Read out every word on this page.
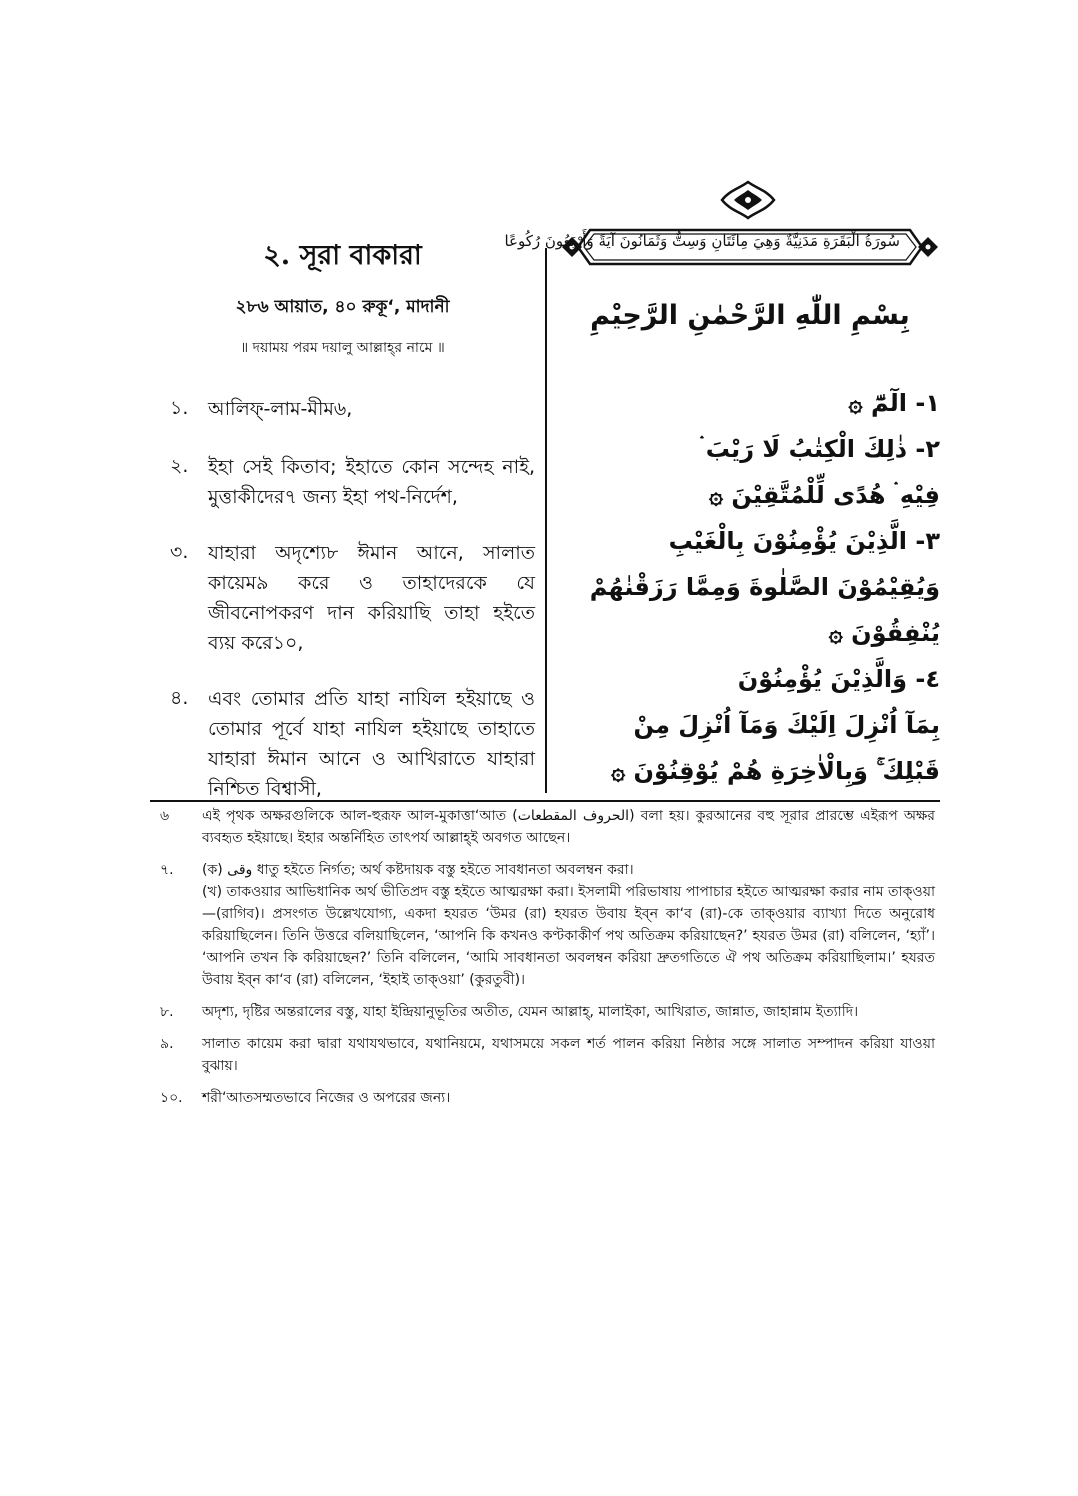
২. সূরা বাকারা
২৮৬ আয়াত, ৪০ রুকূ‘, মাদানী
॥ দয়াময় পরম দয়ালু আল্লাহ্‌র নামে ॥
১.	আলিফ্‌-লাম-মীম৬,
২.	ইহা সেই কিতাব; ইহাতে কোন সন্দেহ নাই, মুত্তাকীদের৭ জন্য ইহা পথ-নির্দেশ,
৩.	যাহারা অদৃশ্যে৮ ঈমান আনে, সালাত কায়েম৯ করে ও তাহাদেরকে যে জীবনোপকরণ দান করিয়াছি তাহা হইতে ব্যয় করে১০,
৪.	এবং তোমার প্রতি যাহা নাযিল হইয়াছে ও তোমার পূর্বে যাহা নাযিল হইয়াছে তাহাতে যাহারা ঈমান আনে ও আখিরাতে যাহারা নিশ্চিত বিশ্বাসী,
سُورَةُ الْبَقَرَةِ مَدَنِيَّةٌ وَهِيَ مِائَتَانِ وَسِتٌّ وَثَمَانُونَ آيَةً وَأَرْبَعُونَ رُكُوعًا
بِسْمِ اللّٰهِ الرَّحْمٰنِ الرَّحِيْمِ
١- الٓمّٓ ۞
٢- ذٰلِكَ الْكِتٰبُ لَا رَيْبَ ۛ
فِيْهِ ۛ هُدًى لِّلْمُتَّقِيْنَ ۞
٣- الَّذِيْنَ يُؤْمِنُوْنَ بِالْغَيْبِ
وَيُقِيْمُوْنَ الصَّلٰوةَ وَمِمَّا رَزَقْنٰهُمْ
يُنْفِقُوْنَ ۞
٤- وَالَّذِيْنَ يُؤْمِنُوْنَ
بِمَآ اُنْزِلَ اِلَيْكَ وَمَآ اُنْزِلَ مِنْ
قَبْلِكَ ۚ وَبِالْاٰخِرَةِ هُمْ يُوْقِنُوْنَ ۞
৬	এই পৃথক অক্ষরগুলিকে আল-হুরূফ আল-মুকাত্তা‘আত (الحروف المقطعات) বলা হয়। কুরআনের বহু সূরার প্রারম্ভে এইরূপ অক্ষর ব্যবহৃত হইয়াছে। ইহার অন্তর্নিহিত তাৎপর্য আল্লাহ্‌ই অবগত আছেন।

৭.	(ক) وقى ধাতু হইতে নির্গত; অর্থ কষ্টদায়ক বস্তু হইতে সাবধানতা অবলম্বন করা।

(খ) তাকওয়ার আভিধানিক অর্থ ভীতিপ্রদ বস্তু হইতে আত্মরক্ষা করা। ইসলামী পরিভাষায় পাপাচার হইতে আত্মরক্ষা করার নাম তাক্‌ওয়া—(রাগিব)। প্রসংগত উল্লেখযোগ্য, একদা হযরত ‘উমর (রা) হযরত উবায় ইব্‌ন কা‘ব (রা)-কে তাক্‌ওয়ার ব্যাখ্যা দিতে অনুরোধ করিয়াছিলেন। তিনি উত্তরে বলিয়াছিলেন, ‘আপনি কি কখনও কণ্টকাকীর্ণ পথ অতিক্রম করিয়াছেন?’ হযরত উমর (রা) বলিলেন, ‘হ্যাঁ’। ‘আপনি তখন কি করিয়াছেন?’ তিনি বলিলেন, ‘আমি সাবধানতা অবলম্বন করিয়া দ্রুতগতিতে ঐ পথ অতিক্রম করিয়াছিলাম।’ হযরত উবায় ইব্‌ন কা‘ব (রা) বলিলেন, ‘ইহাই তাক্‌ওয়া’ (কুরতুবী)।

৮.	অদৃশ্য, দৃষ্টির অন্তরালের বস্তু, যাহা ইন্দ্রিয়ানুভূতির অতীত, যেমন আল্লাহ্‌, মালাইকা, আখিরাত, জান্নাত, জাহান্নাম ইত্যাদি।

৯.	সালাত কায়েম করা দ্বারা যথাযথভাবে, যথানিয়মে, যথাসময়ে সকল শর্ত পালন করিয়া নিষ্ঠার সঙ্গে সালাত সম্পাদন করিয়া যাওয়া বুঝায়।

১০.	শরী‘আতসম্মতভাবে নিজের ও অপরের জন্য।
